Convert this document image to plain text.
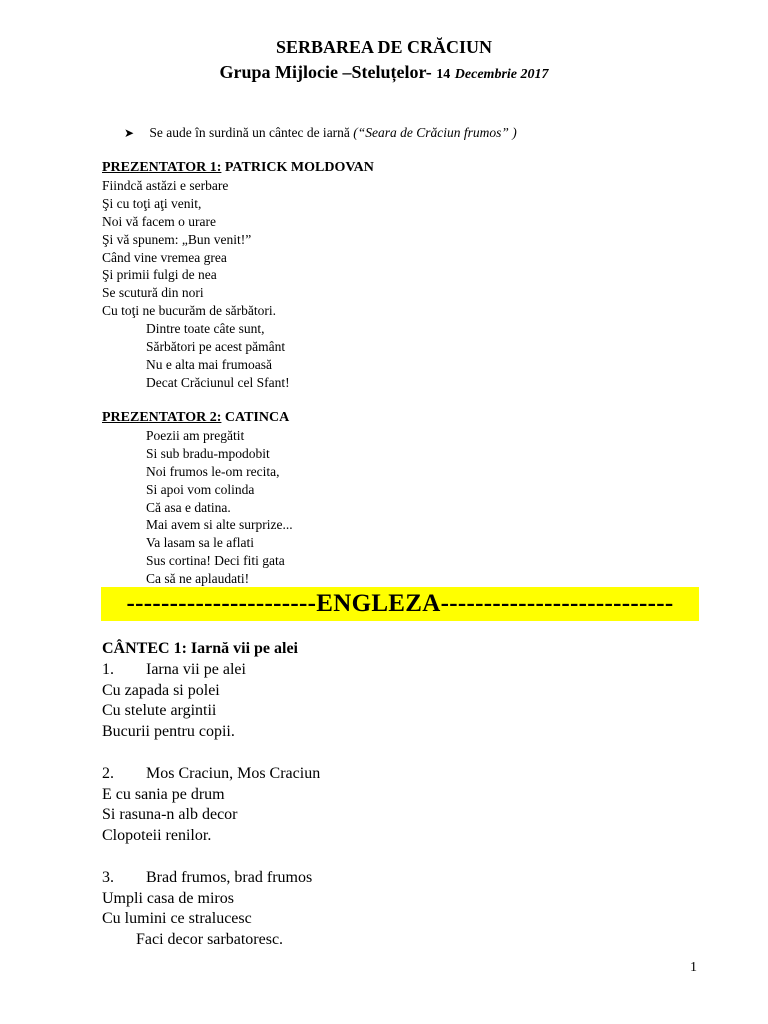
SERBAREA DE CRĂCIUN
Grupa Mijlocie –Steluțelor- 14 Decembrie 2017
➤ Se aude în surdină un cântec de iarnă (“Seara de Crăciun frumos” )
PREZENTATOR 1: PATRICK MOLDOVAN
Fiindcă astăzi e serbare
Şi cu toţi aţi venit,
Noi vă facem o urare
Şi vă spunem: „Bun venit!”
Când vine vremea grea
Şi primii fulgi de nea
Se scutură din nori
Cu toţi ne bucurăm de sărbători.
Dintre toate câte sunt,
Sărbători pe acest pământ
Nu e alta mai frumoasă
Decat Crăciunul cel Sfant!
PREZENTATOR 2: CATINCA
Poezii am pregătit
Si sub bradu-mpodobit
Noi frumos le-om recita,
Si apoi vom colinda
Că asa e datina.
Mai avem si alte surprize...
Va lasam sa le aflati
Sus cortina! Deci fiti gata
Ca să ne aplaudati!
----------------------ENGLEZA---------------------------
CÂNTEC 1: Iarnă vii pe alei
1. Iarna vii pe alei
Cu zapada si polei
Cu stelute argintii
Bucurii pentru copii.
2. Mos Craciun, Mos Craciun
E cu sania pe drum
Si rasuna-n alb decor
Clopoteii renilor.
3. Brad frumos, brad frumos
Umpli casa de miros
Cu lumini ce stralucesc
Faci decor sarbatoresc.
1
